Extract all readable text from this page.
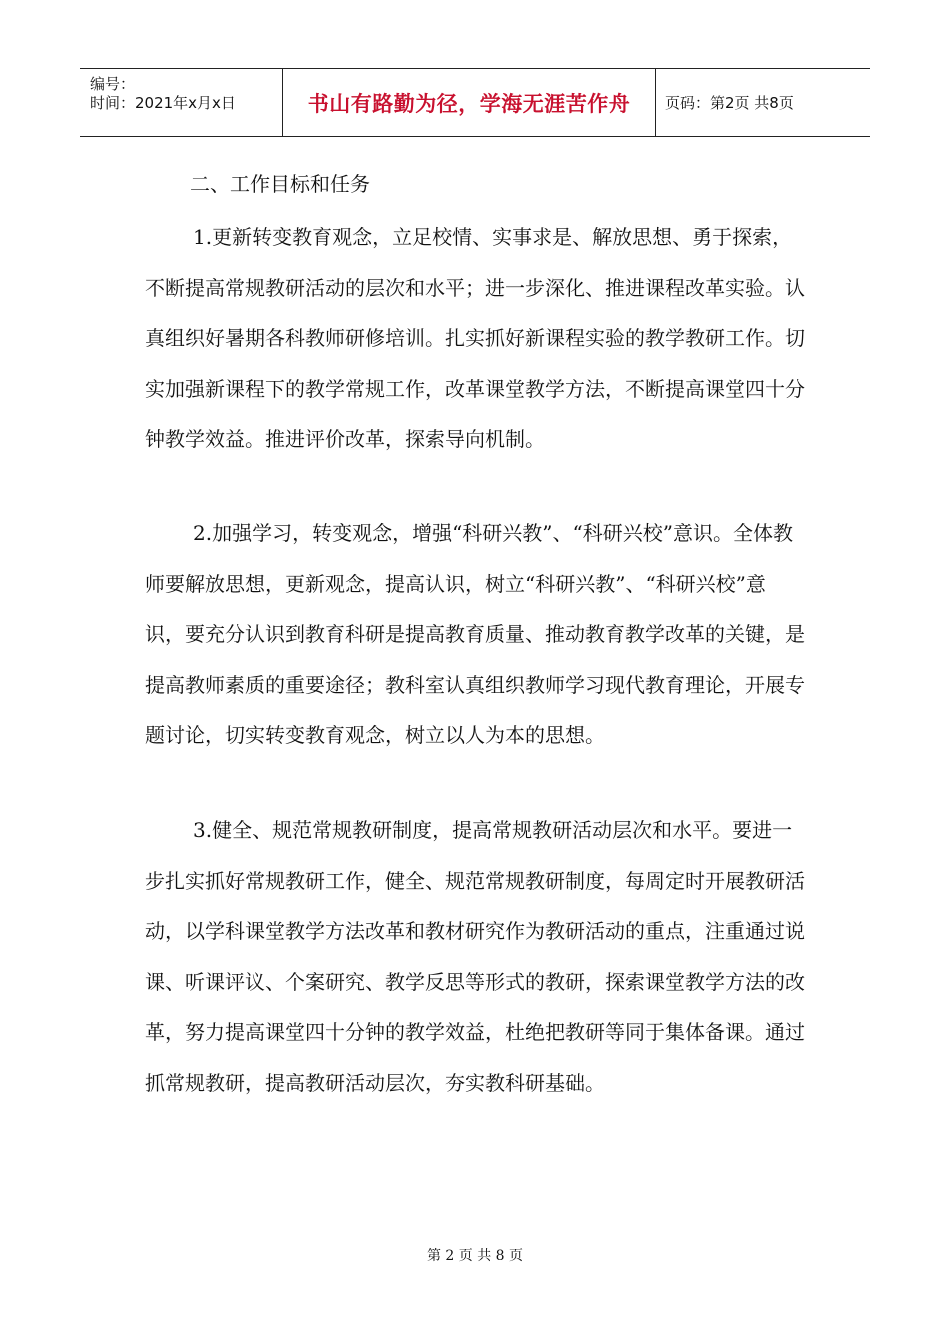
编号：
时间：2021年x月x日	书山有路勤为径，学海无涯苦作舟 页码：第2页 共8页
二、工作目标和任务

1.更新转变教育观念，立足校情、实事求是、解放思想、勇于探索，不断提高常规教研活动的层次和水平；进一步深化、推进课程改革实验。认真组织好暑期各科教师研修培训。扎实抓好新课程实验的教学教研工作。切实加强新课程下的教学常规工作，改革课堂教学方法，不断提高课堂四十分钟教学效益。推进评价改革，探索导向机制。

2.加强学习，转变观念，增强“科研兴教”、“科研兴校”意识。全体教师要解放思想，更新观念，提高认识，树立“科研兴教”、“科研兴校”意识，要充分认识到教育科研是提高教育质量、推动教育教学改革的关键，是提高教师素质的重要途径；教科室认真组织教师学习现代教育理论，开展专题讨论，切实转变教育观念，树立以人为本的思想。

3.健全、规范常规教研制度，提高常规教研活动层次和水平。要进一步扎实抓好常规教研工作，健全、规范常规教研制度，每周定时开展教研活动，以学科课堂教学方法改革和教材研究作为教研活动的重点，注重通过说课、听课评议、个案研究、教学反思等形式的教研，探索课堂教学方法的改革，努力提高课堂四十分钟的教学效益，杜绝把教研等同于集体备课。通过抓常规教研，提高教研活动层次，夯实教科研基础。

第 2 页 共 8 页
